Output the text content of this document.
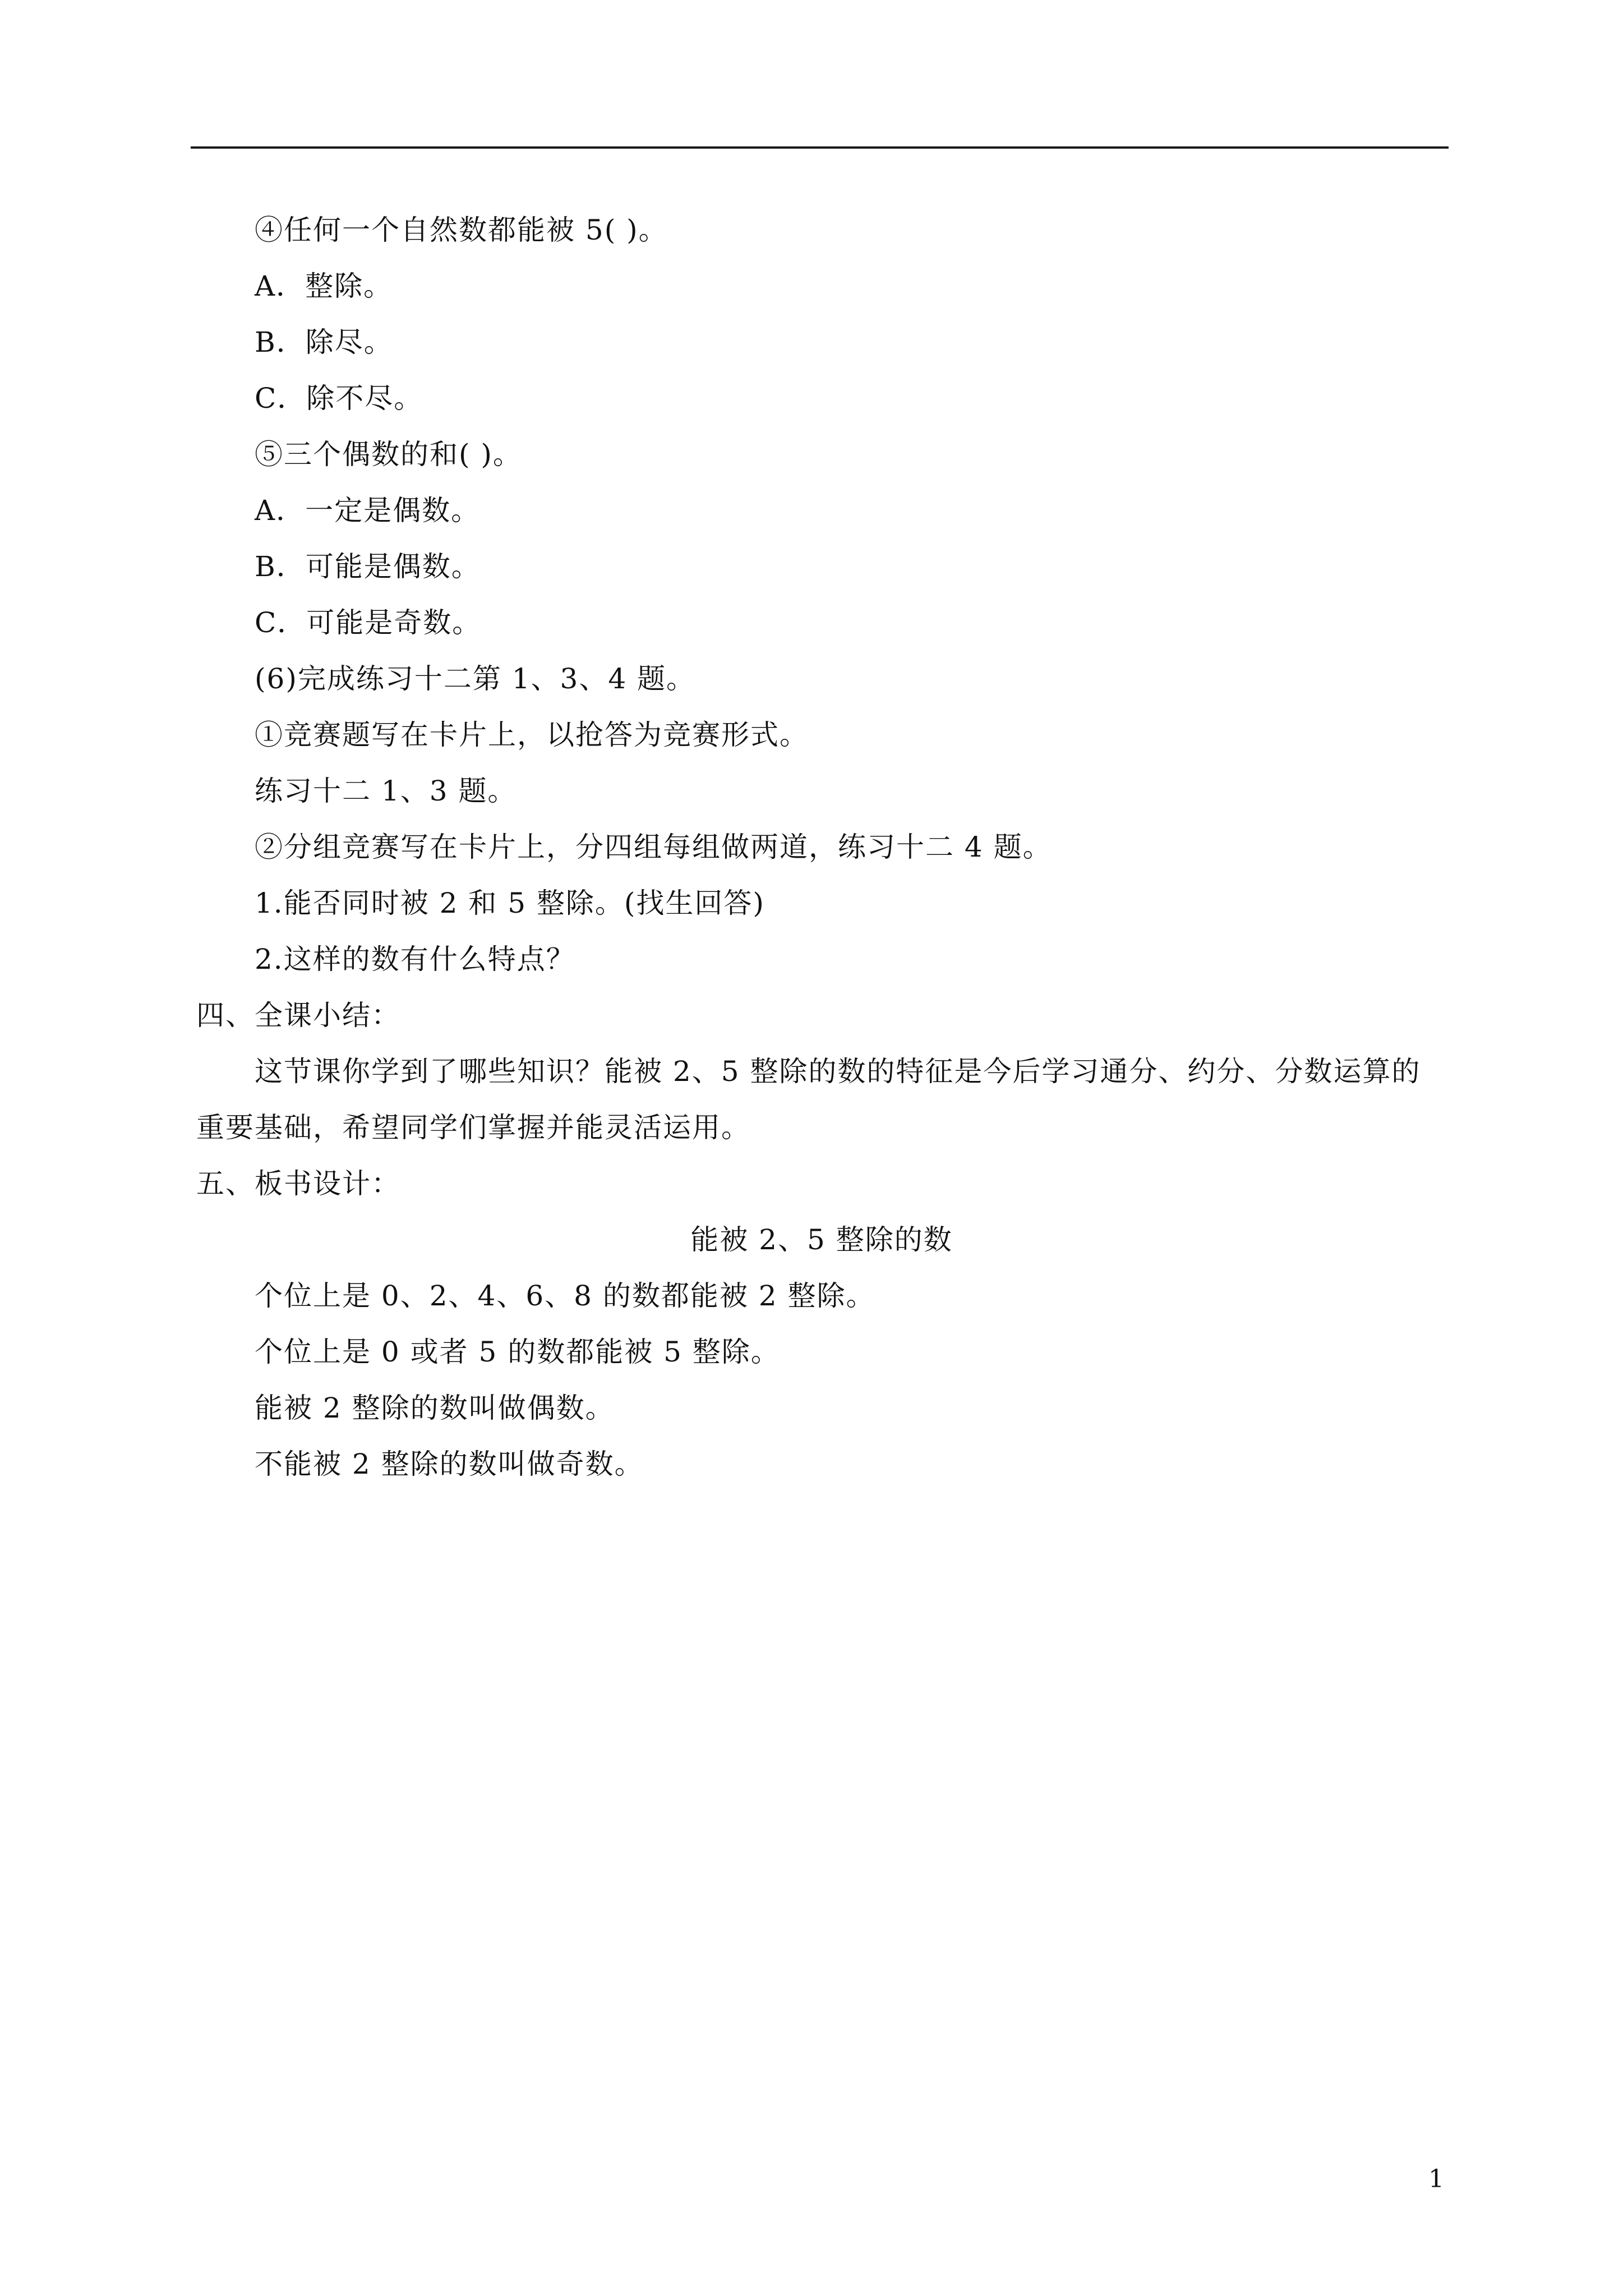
④任何一个自然数都能被 5( )。
A．整除。
B．除尽。
C．除不尽。
⑤三个偶数的和( )。
A．一定是偶数。
B．可能是偶数。
C．可能是奇数。
(6)完成练习十二第 1、3、4 题。
①竞赛题写在卡片上，以抢答为竞赛形式。
练习十二 1、3 题。
②分组竞赛写在卡片上，分四组每组做两道，练习十二 4 题。
1.能否同时被 2 和 5 整除。(找生回答)
2.这样的数有什么特点？
四、全课小结：
这节课你学到了哪些知识？能被 2、5 整除的数的特征是今后学习通分、约分、分数运算的重要基础，希望同学们掌握并能灵活运用。
五、板书设计：
能被 2、5 整除的数
个位上是 0、2、4、6、8 的数都能被 2 整除。
个位上是 0 或者 5 的数都能被 5 整除。
能被 2 整除的数叫做偶数。
不能被 2 整除的数叫做奇数。
1
